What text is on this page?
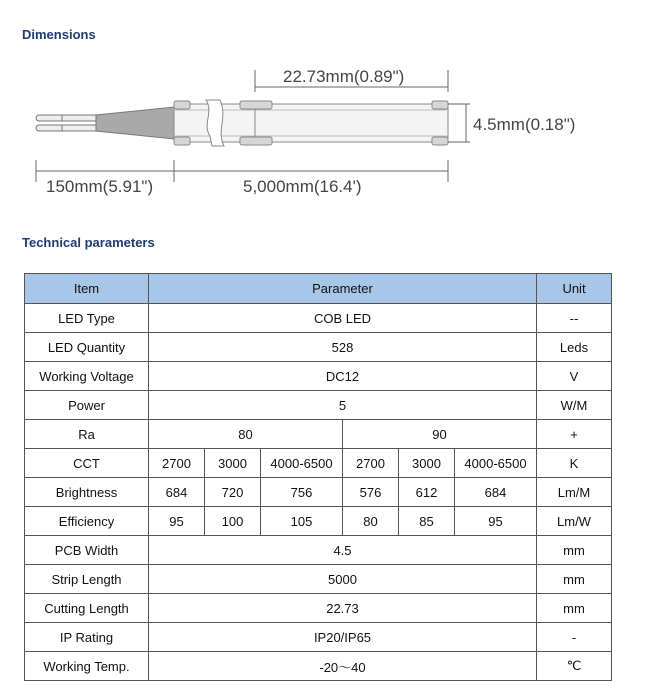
Dimensions
22.73mm(0.89")
4.5mm(0.18")
150mm(5.91")	5,000mm(16.4')
Technical parameters
Item	Parameter						Unit
LED Type	COB LED						--
LED Quantity	528						Leds
Working Voltage	DC12						V
Power	5						W/M
Ra	80			90			+
CCT	2700	3000	4000-6500	2700	3000	4000-6500	K
Brightness	684	720	756	576	612	684	Lm/M
Efficiency	95	100	105	80	85	95	Lm/W
PCB Width	4.5						mm
Strip Length	5000						mm
Cutting Length	22.73						mm
IP Rating	IP20/IP65						-
Working Temp.	-20～40						℃
